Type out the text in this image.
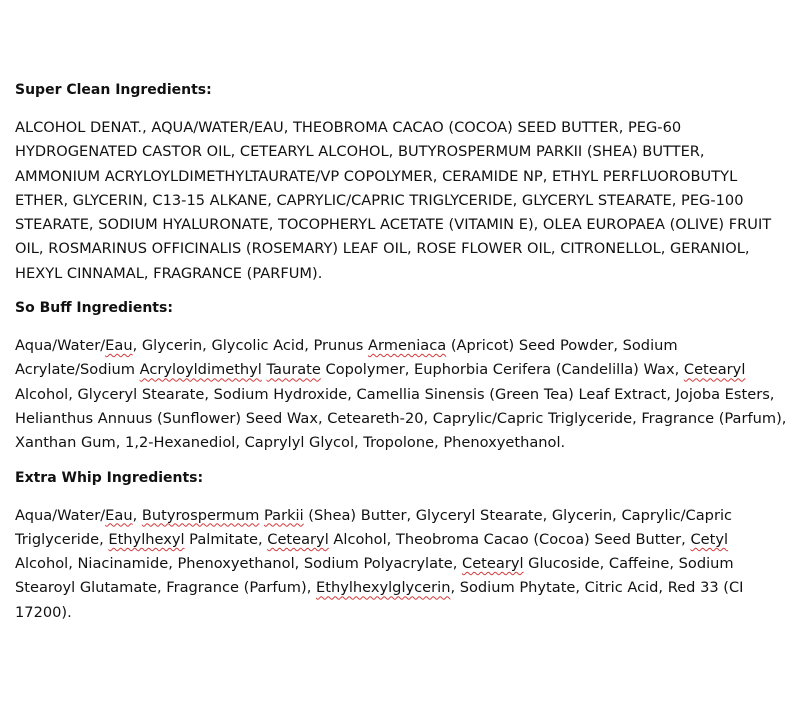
Super Clean Ingredients:

ALCOHOL DENAT., AQUA/WATER/EAU, THEOBROMA CACAO (COCOA) SEED BUTTER, PEG-60 HYDROGENATED CASTOR OIL, CETEARYL ALCOHOL, BUTYROSPERMUM PARKII (SHEA) BUTTER, AMMONIUM ACRYLOYLDIMETHYLTAURATE/VP COPOLYMER, CERAMIDE NP, ETHYL PERFLUOROBUTYL ETHER, GLYCERIN, C13-15 ALKANE, CAPRYLIC/CAPRIC TRIGLYCERIDE, GLYCERYL STEARATE, PEG-100 STEARATE, SODIUM HYALURONATE, TOCOPHERYL ACETATE (VITAMIN E), OLEA EUROPAEA (OLIVE) FRUIT OIL, ROSMARINUS OFFICINALIS (ROSEMARY) LEAF OIL, ROSE FLOWER OIL, CITRONELLOL, GERANIOL, HEXYL CINNAMAL, FRAGRANCE (PARFUM).

So Buff Ingredients:

Aqua/Water/Eau, Glycerin, Glycolic Acid, Prunus Armeniaca (Apricot) Seed Powder, Sodium Acrylate/Sodium Acryloyldimethyl Taurate Copolymer, Euphorbia Cerifera (Candelilla) Wax, Cetearyl Alcohol, Glyceryl Stearate, Sodium Hydroxide, Camellia Sinensis (Green Tea) Leaf Extract, Jojoba Esters, Helianthus Annuus (Sunflower) Seed Wax, Ceteareth-20, Caprylic/Capric Triglyceride, Fragrance (Parfum), Xanthan Gum, 1,2-Hexanediol, Caprylyl Glycol, Tropolone, Phenoxyethanol.

Extra Whip Ingredients:

Aqua/Water/Eau, Butyrospermum Parkii (Shea) Butter, Glyceryl Stearate, Glycerin, Caprylic/Capric Triglyceride, Ethylhexyl Palmitate, Cetearyl Alcohol, Theobroma Cacao (Cocoa) Seed Butter, Cetyl Alcohol, Niacinamide, Phenoxyethanol, Sodium Polyacrylate, Cetearyl Glucoside, Caffeine, Sodium Stearoyl Glutamate, Fragrance (Parfum), Ethylhexylglycerin, Sodium Phytate, Citric Acid, Red 33 (CI 17200).
